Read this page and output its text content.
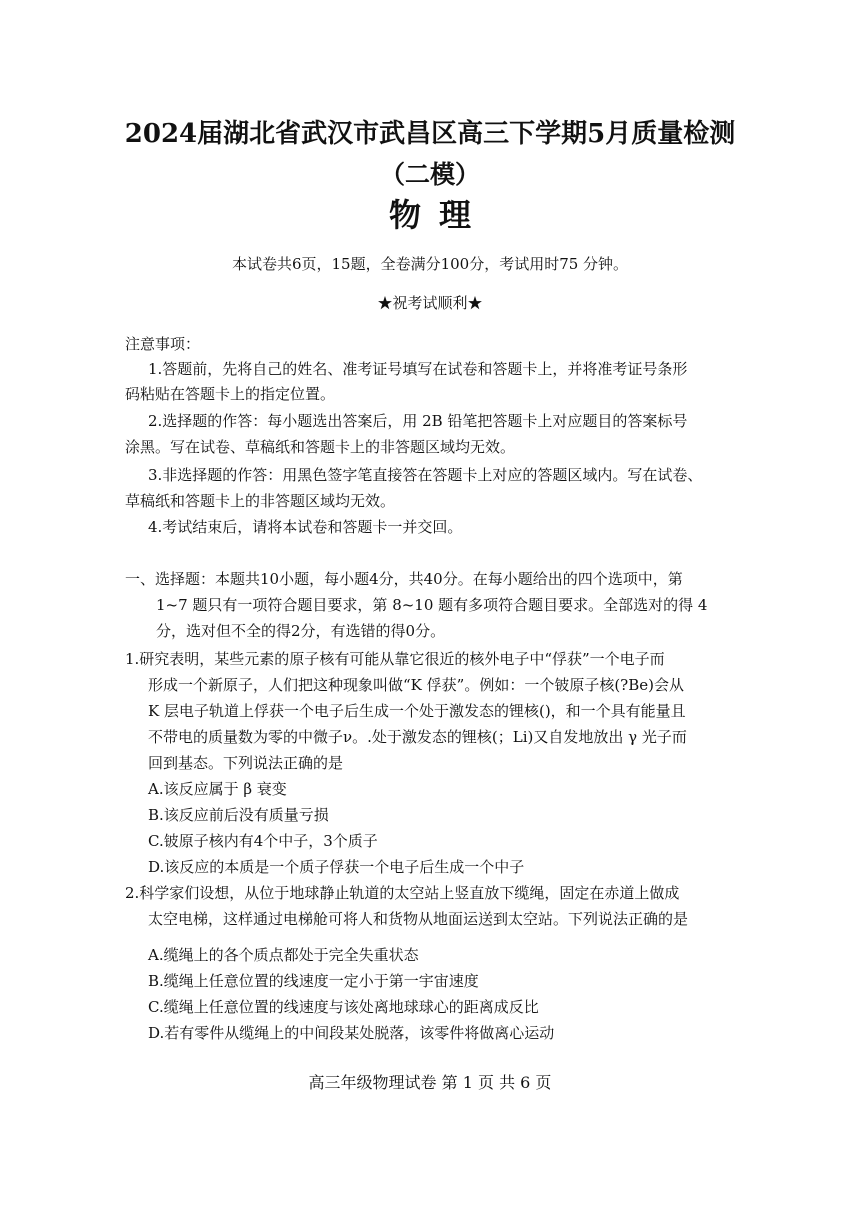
2024届湖北省武汉市武昌区高三下学期5月质量检测
（二模）
物理
本试卷共6页，15题，全卷满分100分，考试用时75 分钟。
★祝考试顺利★
注意事项：
1.答题前，先将自己的姓名、准考证号填写在试卷和答题卡上，并将准考证号条形
码粘贴在答题卡上的指定位置。
2.选择题的作答：每小题选出答案后，用 2B 铅笔把答题卡上对应题目的答案标号
涂黑。写在试卷、草稿纸和答题卡上的非答题区域均无效。
3.非选择题的作答：用黑色签字笔直接答在答题卡上对应的答题区域内。写在试卷、
草稿纸和答题卡上的非答题区域均无效。
4.考试结束后，请将本试卷和答题卡一并交回。
一、选择题：本题共10小题，每小题4分，共40分。在每小题给出的四个选项中，第
1~7 题只有一项符合题目要求，第 8~10 题有多项符合题目要求。全部选对的得 4
分，选对但不全的得2分，有选错的得0分。
1.研究表明，某些元素的原子核有可能从靠它很近的核外电子中“俘获”一个电子而
形成一个新原子，人们把这种现象叫做“K 俘获”。例如：一个铍原子核(?Be)会从
K 层电子轨道上俘获一个电子后生成一个处于激发态的锂核()，和一个具有能量且
不带电的质量数为零的中微子ν。.处于激发态的锂核(；Li)又自发地放出 γ 光子而
回到基态。下列说法正确的是
A.该反应属于 β 衰变
B.该反应前后没有质量亏损
C.铍原子核内有4个中子，3个质子
D.该反应的本质是一个质子俘获一个电子后生成一个中子
2.科学家们设想，从位于地球静止轨道的太空站上竖直放下缆绳，固定在赤道上做成
太空电梯，这样通过电梯舱可将人和货物从地面运送到太空站。下列说法正确的是
A.缆绳上的各个质点都处于完全失重状态
B.缆绳上任意位置的线速度一定小于第一宇宙速度
C.缆绳上任意位置的线速度与该处离地球球心的距离成反比
D.若有零件从缆绳上的中间段某处脱落，该零件将做离心运动
高三年级物理试卷 第 1 页 共 6 页
